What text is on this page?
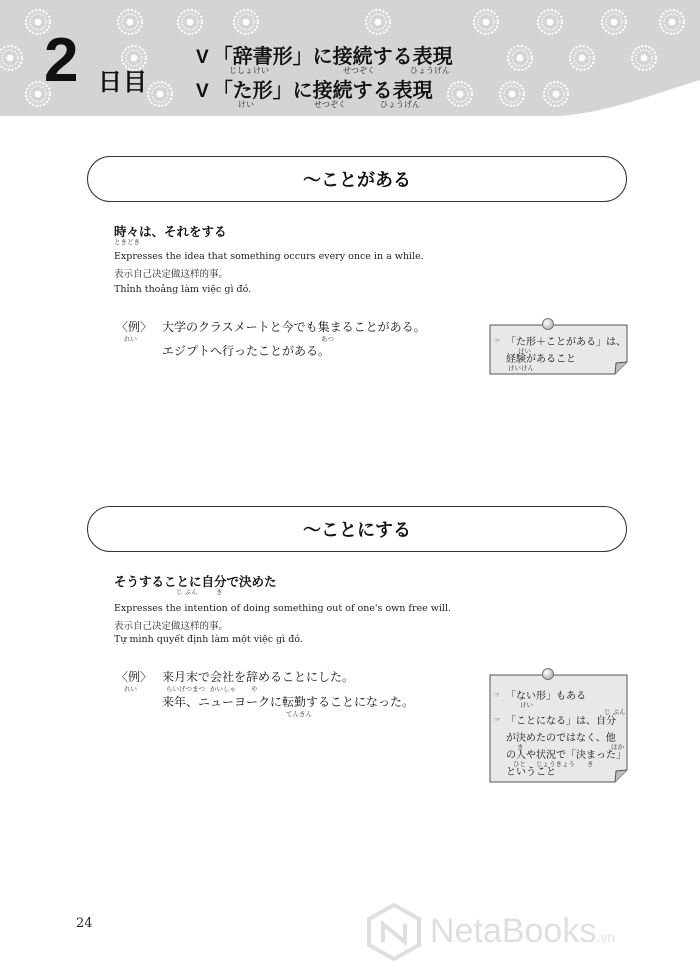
2 日目
V 「辞書形」に接続する表現
じしょけい	せつぞく	ひょうげん
V 「た形」に接続する表現
けい	せつぞく	ひょうげん
〜ことがある
時々は、それをする
ときどき
Expresses the idea that something occurs every once in a while.
表示自己决定做这样的事。
Thỉnh thoảng làm việc gì đó.
〈例〉
れい
大学のクラスメートと今でも集まることがある。
あつ
エジプトへ行ったことがある。
☞ 「た形＋ことがある」は、
けい
経験があること
けいけん
〜ことにする
そうすることに自分で決めた
じ ぶん	き
Expresses the intention of doing something out of one's own free will.
表示自己决定做这样的事。
Tự mình quyết định làm một việc gì đó.
〈例〉
れい
来月末で会社を辞めることにした。
らいげつまつ かいしゃ や
来年、ニューヨークに転勤することになった。
てんきん
☞ 「ない形」もある
けい
☞ 「ことになる」は、自分
じ ぶん
が決めたのではなく、他
き	ほか
の人や状況で「決まった」
ひと じょうきょう き
ということ
24	NetaBooks.vn
